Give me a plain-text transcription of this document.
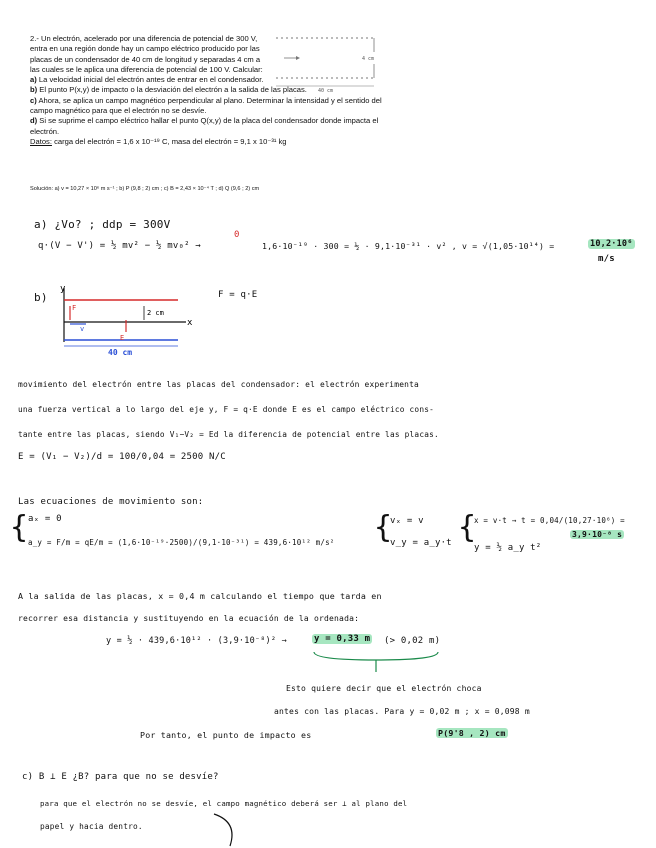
2.- Un electrón, acelerado por una diferencia de potencial de 300 V, entra en una región donde hay un campo eléctrico producido por las placas de un condensador de 40 cm de longitud y separadas 4 cm a las cuales se le aplica una diferencia de potencial de 100 V. Calcular:

a) La velocidad inicial del electrón antes de entrar en el condensador.

b) El punto P(x,y) de impacto o la desviación del electrón a la salida de las placas.

c) Ahora, se aplica un campo magnético perpendicular al plano. Determinar la intensidad y el sentido del campo magnético para que el electrón no se desvíe.

d) Si se suprime el campo eléctrico hallar el punto Q(x,y) de la placa del condensador donde impacta el electrón.

Datos: carga del electrón = 1,6 x 10⁻¹⁹ C, masa del electrón = 9,1 x 10⁻³¹ kg

4 cm
40 cm
Solución: a) v = 10,27 × 10⁶ m s⁻¹ ; b) P (9,8 ; 2) cm ; c) B = 2,43 × 10⁻⁴ T ; d) Q (9,6 ; 2) cm
a) ¿Vo? ; ddp = 300V
q·(V − V') = ½ mv² − ½ mv₀² →
0
1,6·10⁻¹⁹ · 300 = ½ · 9,1·10⁻³¹ · v² , v = √(1,05·10¹⁴) =	10,2·10⁶
m/s
b)
y
x
F
v
E
2 cm
40 cm
F = q·E
movimiento del electrón entre las placas del condensador: el electrón experimenta
una fuerza vertical a lo largo del eje y, F = q·E donde E es el campo eléctrico cons-
tante entre las placas, siendo V₁−V₂ = Ed la diferencia de potencial entre las placas.
E = (V₁ − V₂)/d = 100/0,04 = 2500 N/C
Las ecuaciones de movimiento son:
{ aₓ = 0
a_y = F/m = qE/m = (1,6·10⁻¹⁹·2500)/(9,1·10⁻³¹) = 439,6·10¹² m/s² {
vₓ = v
v_y = a_y·t {
x = v·t → t = 0,04/(10,27·10⁶) =
3,9·10⁻⁸ s
y = ½ a_y t²
A la salida de las placas, x = 0,4 m calculando el tiempo que tarda en
recorrer esa distancia y sustituyendo en la ecuación de la ordenada:
y = ½ · 439,6·10¹² · (3,9·10⁻⁸)² →	y = 0,33 m (> 0,02 m)
Esto quiere decir que el electrón choca
antes con las placas. Para y = 0,02 m ; x = 0,098 m
Por tanto, el punto de impacto es	P(9'8 , 2) cm
c) B ⊥ E ¿B? para que no se desvíe?
para que el electrón no se desvíe, el campo magnético deberá ser ⊥ al plano del
papel y hacia dentro.
